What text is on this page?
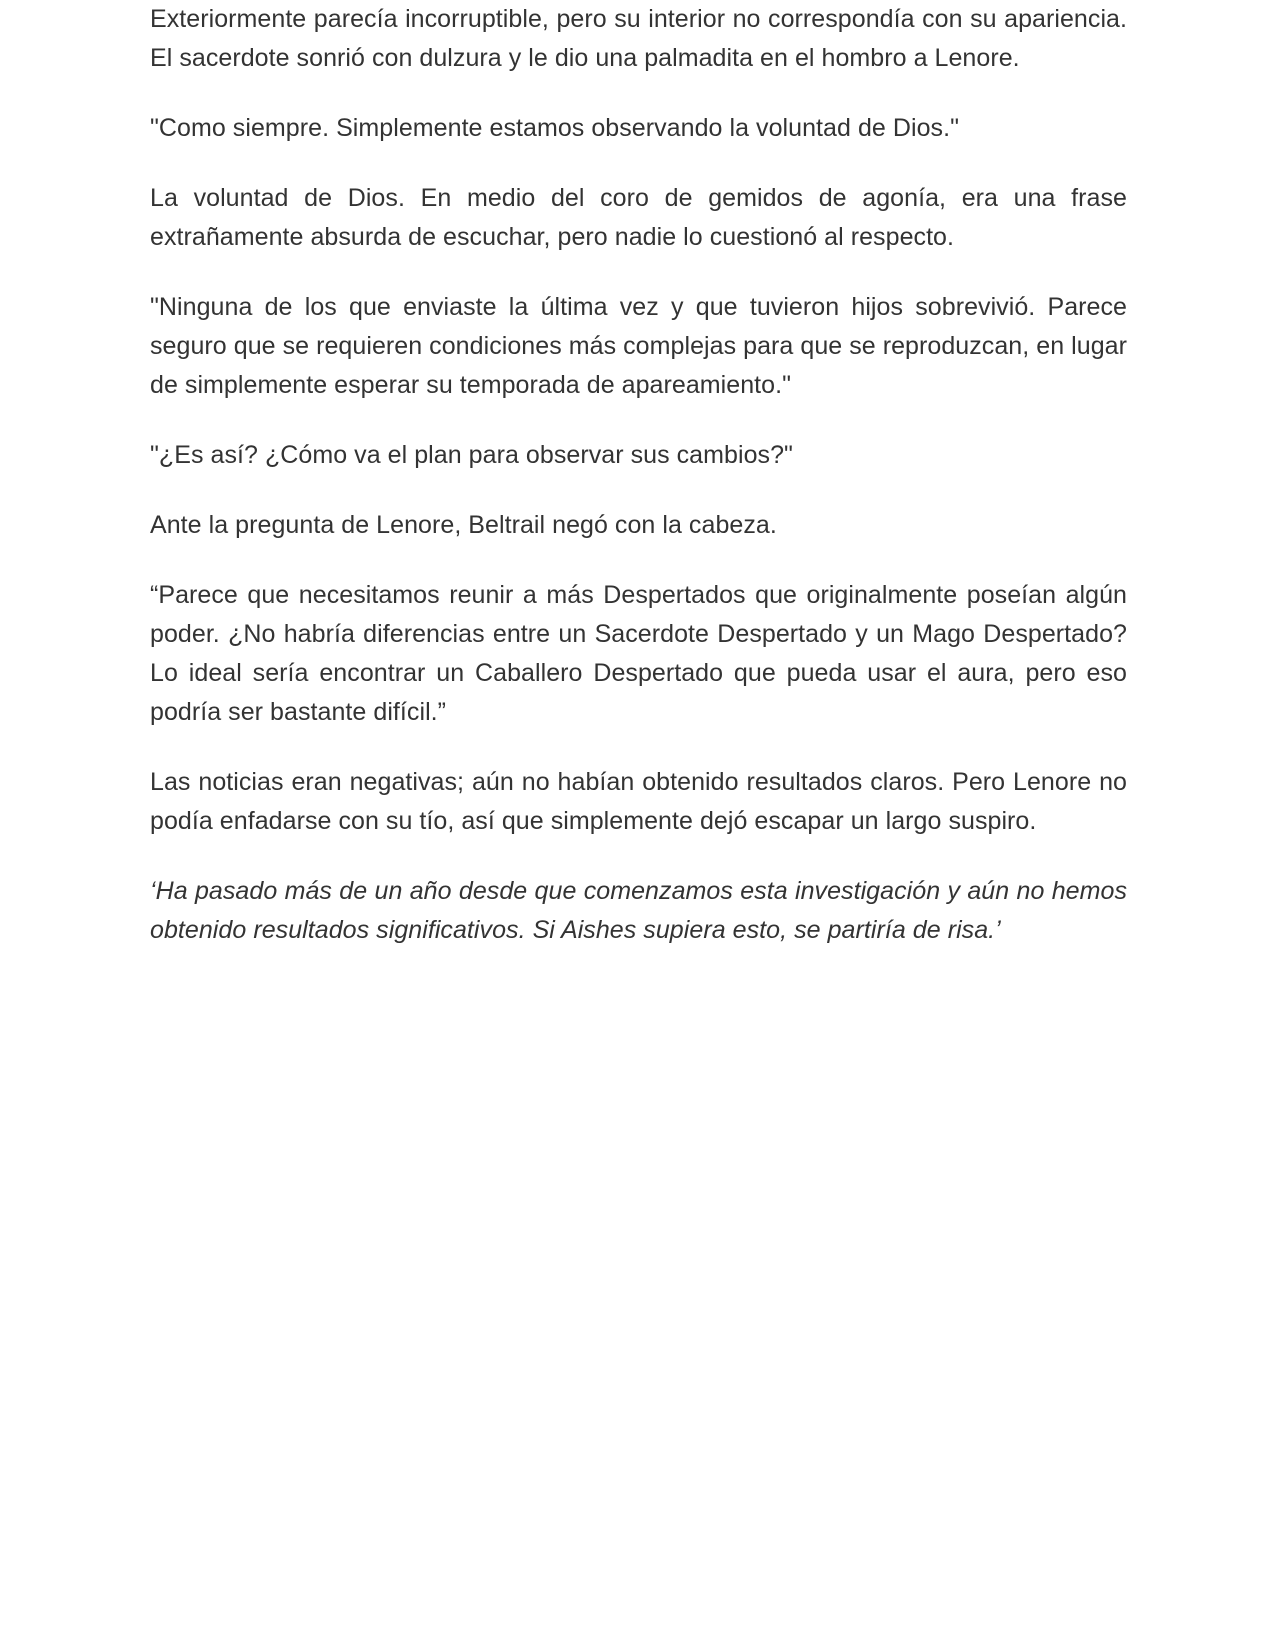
Exteriormente parecía incorruptible, pero su interior no correspondía con su apariencia. El sacerdote sonrió con dulzura y le dio una palmadita en el hombro a Lenore.

"Como siempre. Simplemente estamos observando la voluntad de Dios."

La voluntad de Dios. En medio del coro de gemidos de agonía, era una frase extrañamente absurda de escuchar, pero nadie lo cuestionó al respecto.

"Ninguna de los que enviaste la última vez y que tuvieron hijos sobrevivió. Parece seguro que se requieren condiciones más complejas para que se reproduzcan, en lugar de simplemente esperar su temporada de apareamiento."

"¿Es así? ¿Cómo va el plan para observar sus cambios?"

Ante la pregunta de Lenore, Beltrail negó con la cabeza.

“Parece que necesitamos reunir a más Despertados que originalmente poseían algún poder. ¿No habría diferencias entre un Sacerdote Despertado y un Mago Despertado? Lo ideal sería encontrar un Caballero Despertado que pueda usar el aura, pero eso podría ser bastante difícil.”

Las noticias eran negativas; aún no habían obtenido resultados claros. Pero Lenore no podía enfadarse con su tío, así que simplemente dejó escapar un largo suspiro.

‘Ha pasado más de un año desde que comenzamos esta investigación y aún no hemos obtenido resultados significativos. Si Aishes supiera esto, se partiría de risa.’
